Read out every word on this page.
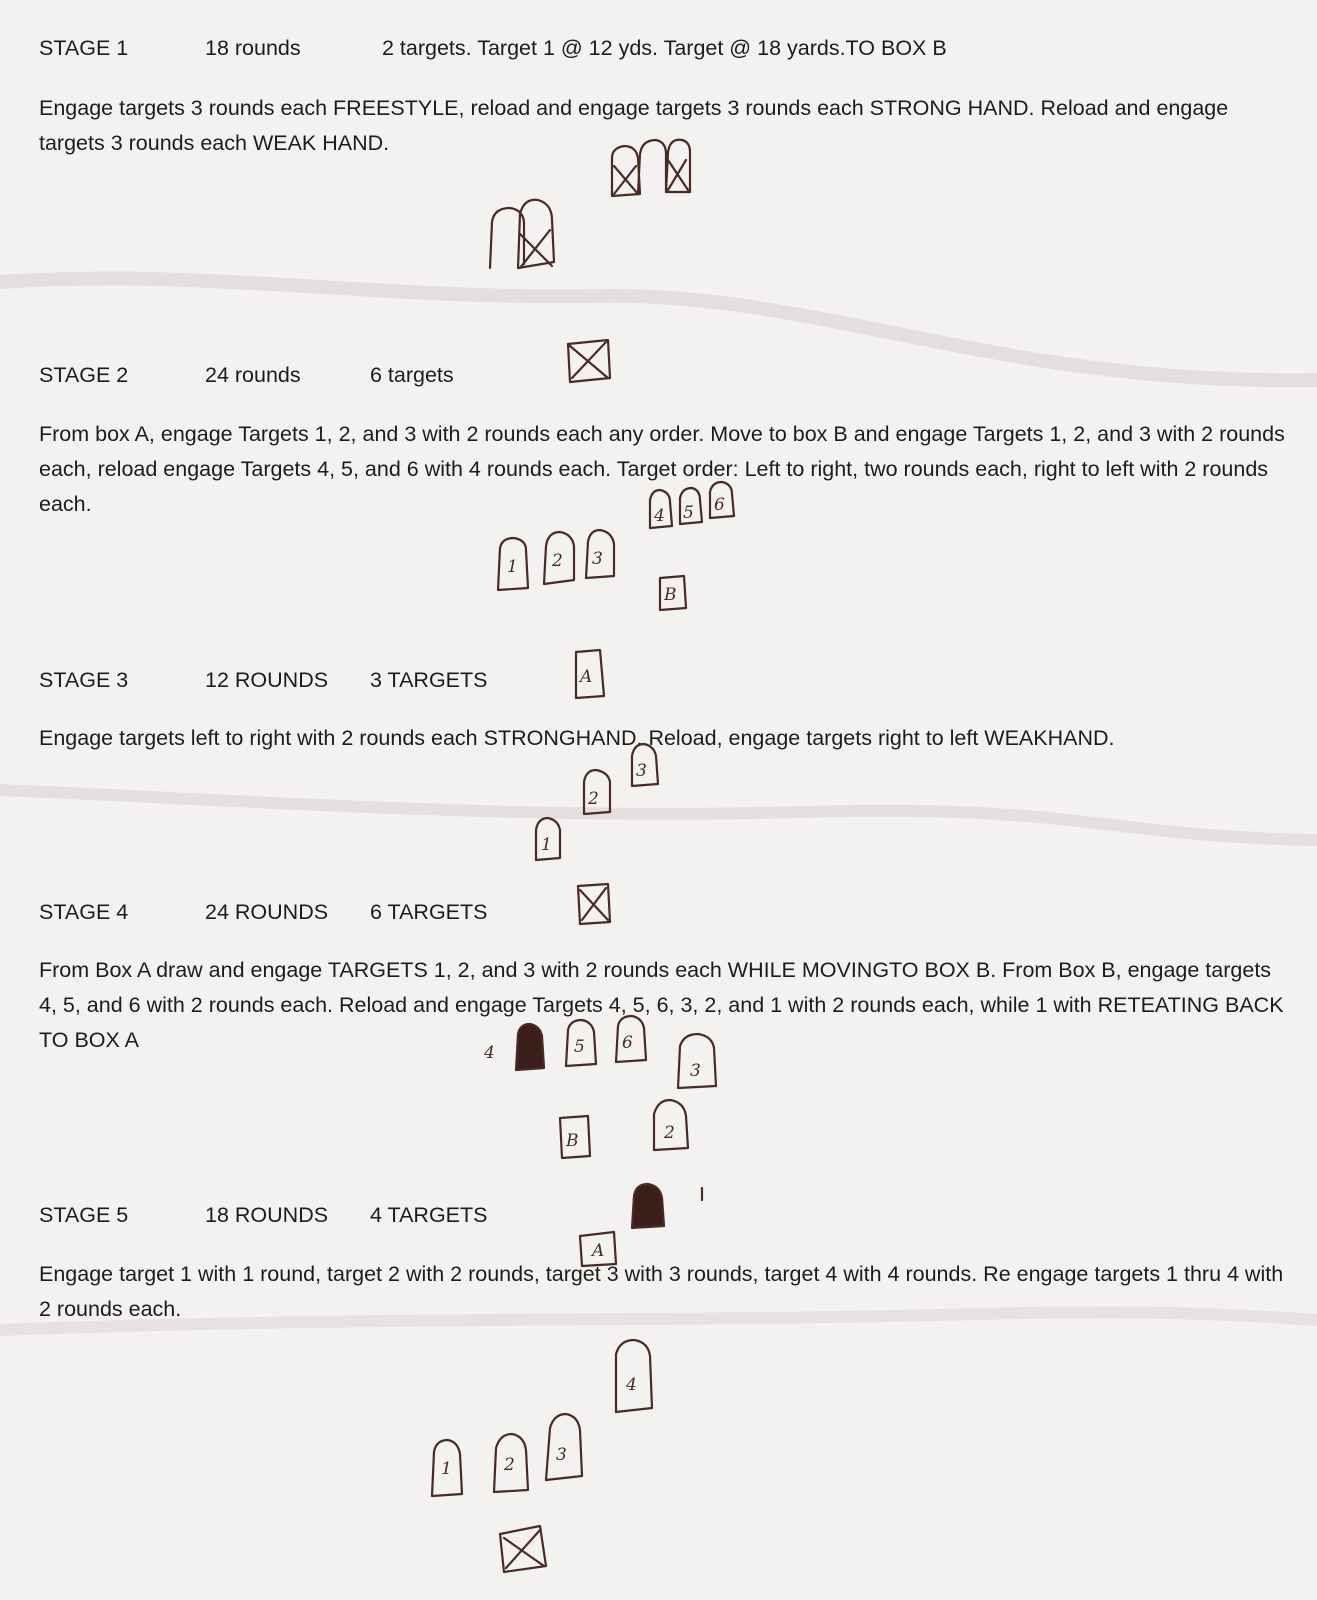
STAGE 1	18 rounds	2 targets. Target 1 @ 12 yds. Target @ 18 yards.TO BOX B
Engage targets 3 rounds each FREESTYLE, reload and engage targets 3 rounds each STRONG HAND. Reload and engage targets 3 rounds each WEAK HAND.
STAGE 2	24 rounds	6 targets
From box A, engage Targets 1, 2, and 3 with 2 rounds each any order. Move to box B and engage Targets 1, 2, and 3 with 2 rounds each, reload engage Targets 4, 5, and 6 with 4 rounds each. Target order: Left to right, two rounds each, right to left with 2 rounds each.
STAGE 3	12 ROUNDS 3 TARGETS
Engage targets left to right with 2 rounds each STRONGHAND. Reload, engage targets right to left WEAKHAND.
STAGE 4	24 ROUNDS 6 TARGETS
From Box A draw and engage TARGETS 1, 2, and 3 with 2 rounds each WHILE MOVINGTO BOX B. From Box B, engage targets 4, 5, and 6 with 2 rounds each. Reload and engage Targets 4, 5, 6, 3, 2, and 1 with 2 rounds each, while 1 with RETEATING BACK TO BOX A
STAGE 5	18 ROUNDS 4 TARGETS
Engage target 1 with 1 round, target 2 with 2 rounds, target 3 with 3 rounds, target 4 with 4 rounds. Re engage targets 1 thru 4 with 2 rounds each.
4 5 6
1 2 3
B
A
3
2
1
4	5 6
3
B	2
A
4
1	2 3
